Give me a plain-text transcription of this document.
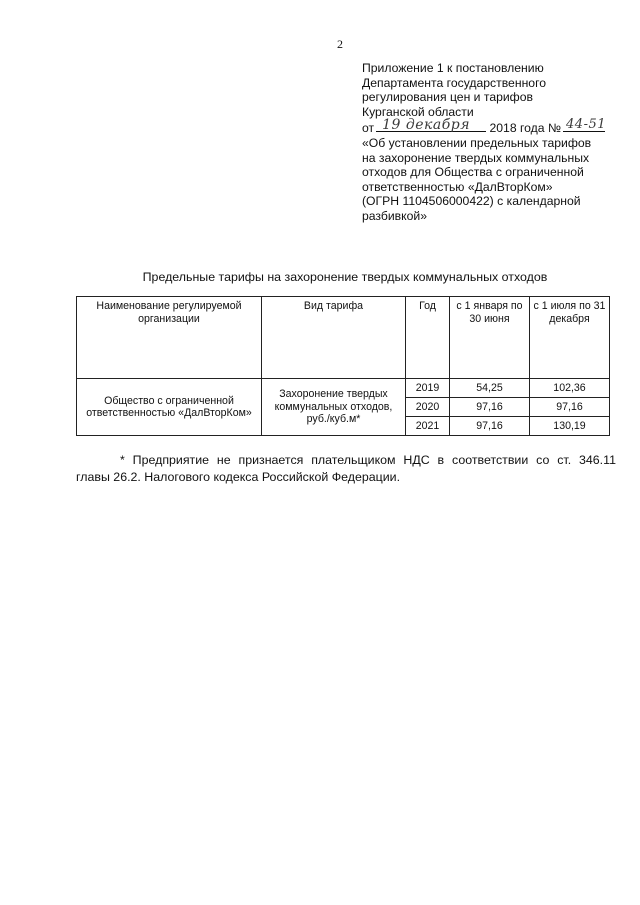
2
Приложение 1 к постановлению
Департамента государственного
регулирования цен и тарифов
Курганской области
от 19 декабря 2018 года № 44-51
«Об установлении предельных тарифов
на захоронение твердых коммунальных
отходов для Общества с ограниченной
ответственностью «ДалВторКом»
(ОГРН 1104506000422) с календарной
разбивкой»
Предельные тарифы на захоронение твердых коммунальных отходов
Наименование регулируемой организации	Вид тарифа	Год	с 1 января по 30 июня	с 1 июля по 31 декабря
Общество с ограниченной ответственностью «ДалВторКом»	Захоронение твердых коммунальных отходов, руб./куб.м*	2019	54,25	102,36
		2020	97,16	97,16
		2021	97,16	130,19
* Предприятие не признается плательщиком НДС в соответствии со ст. 346.11
главы 26.2. Налогового кодекса Российской Федерации.
